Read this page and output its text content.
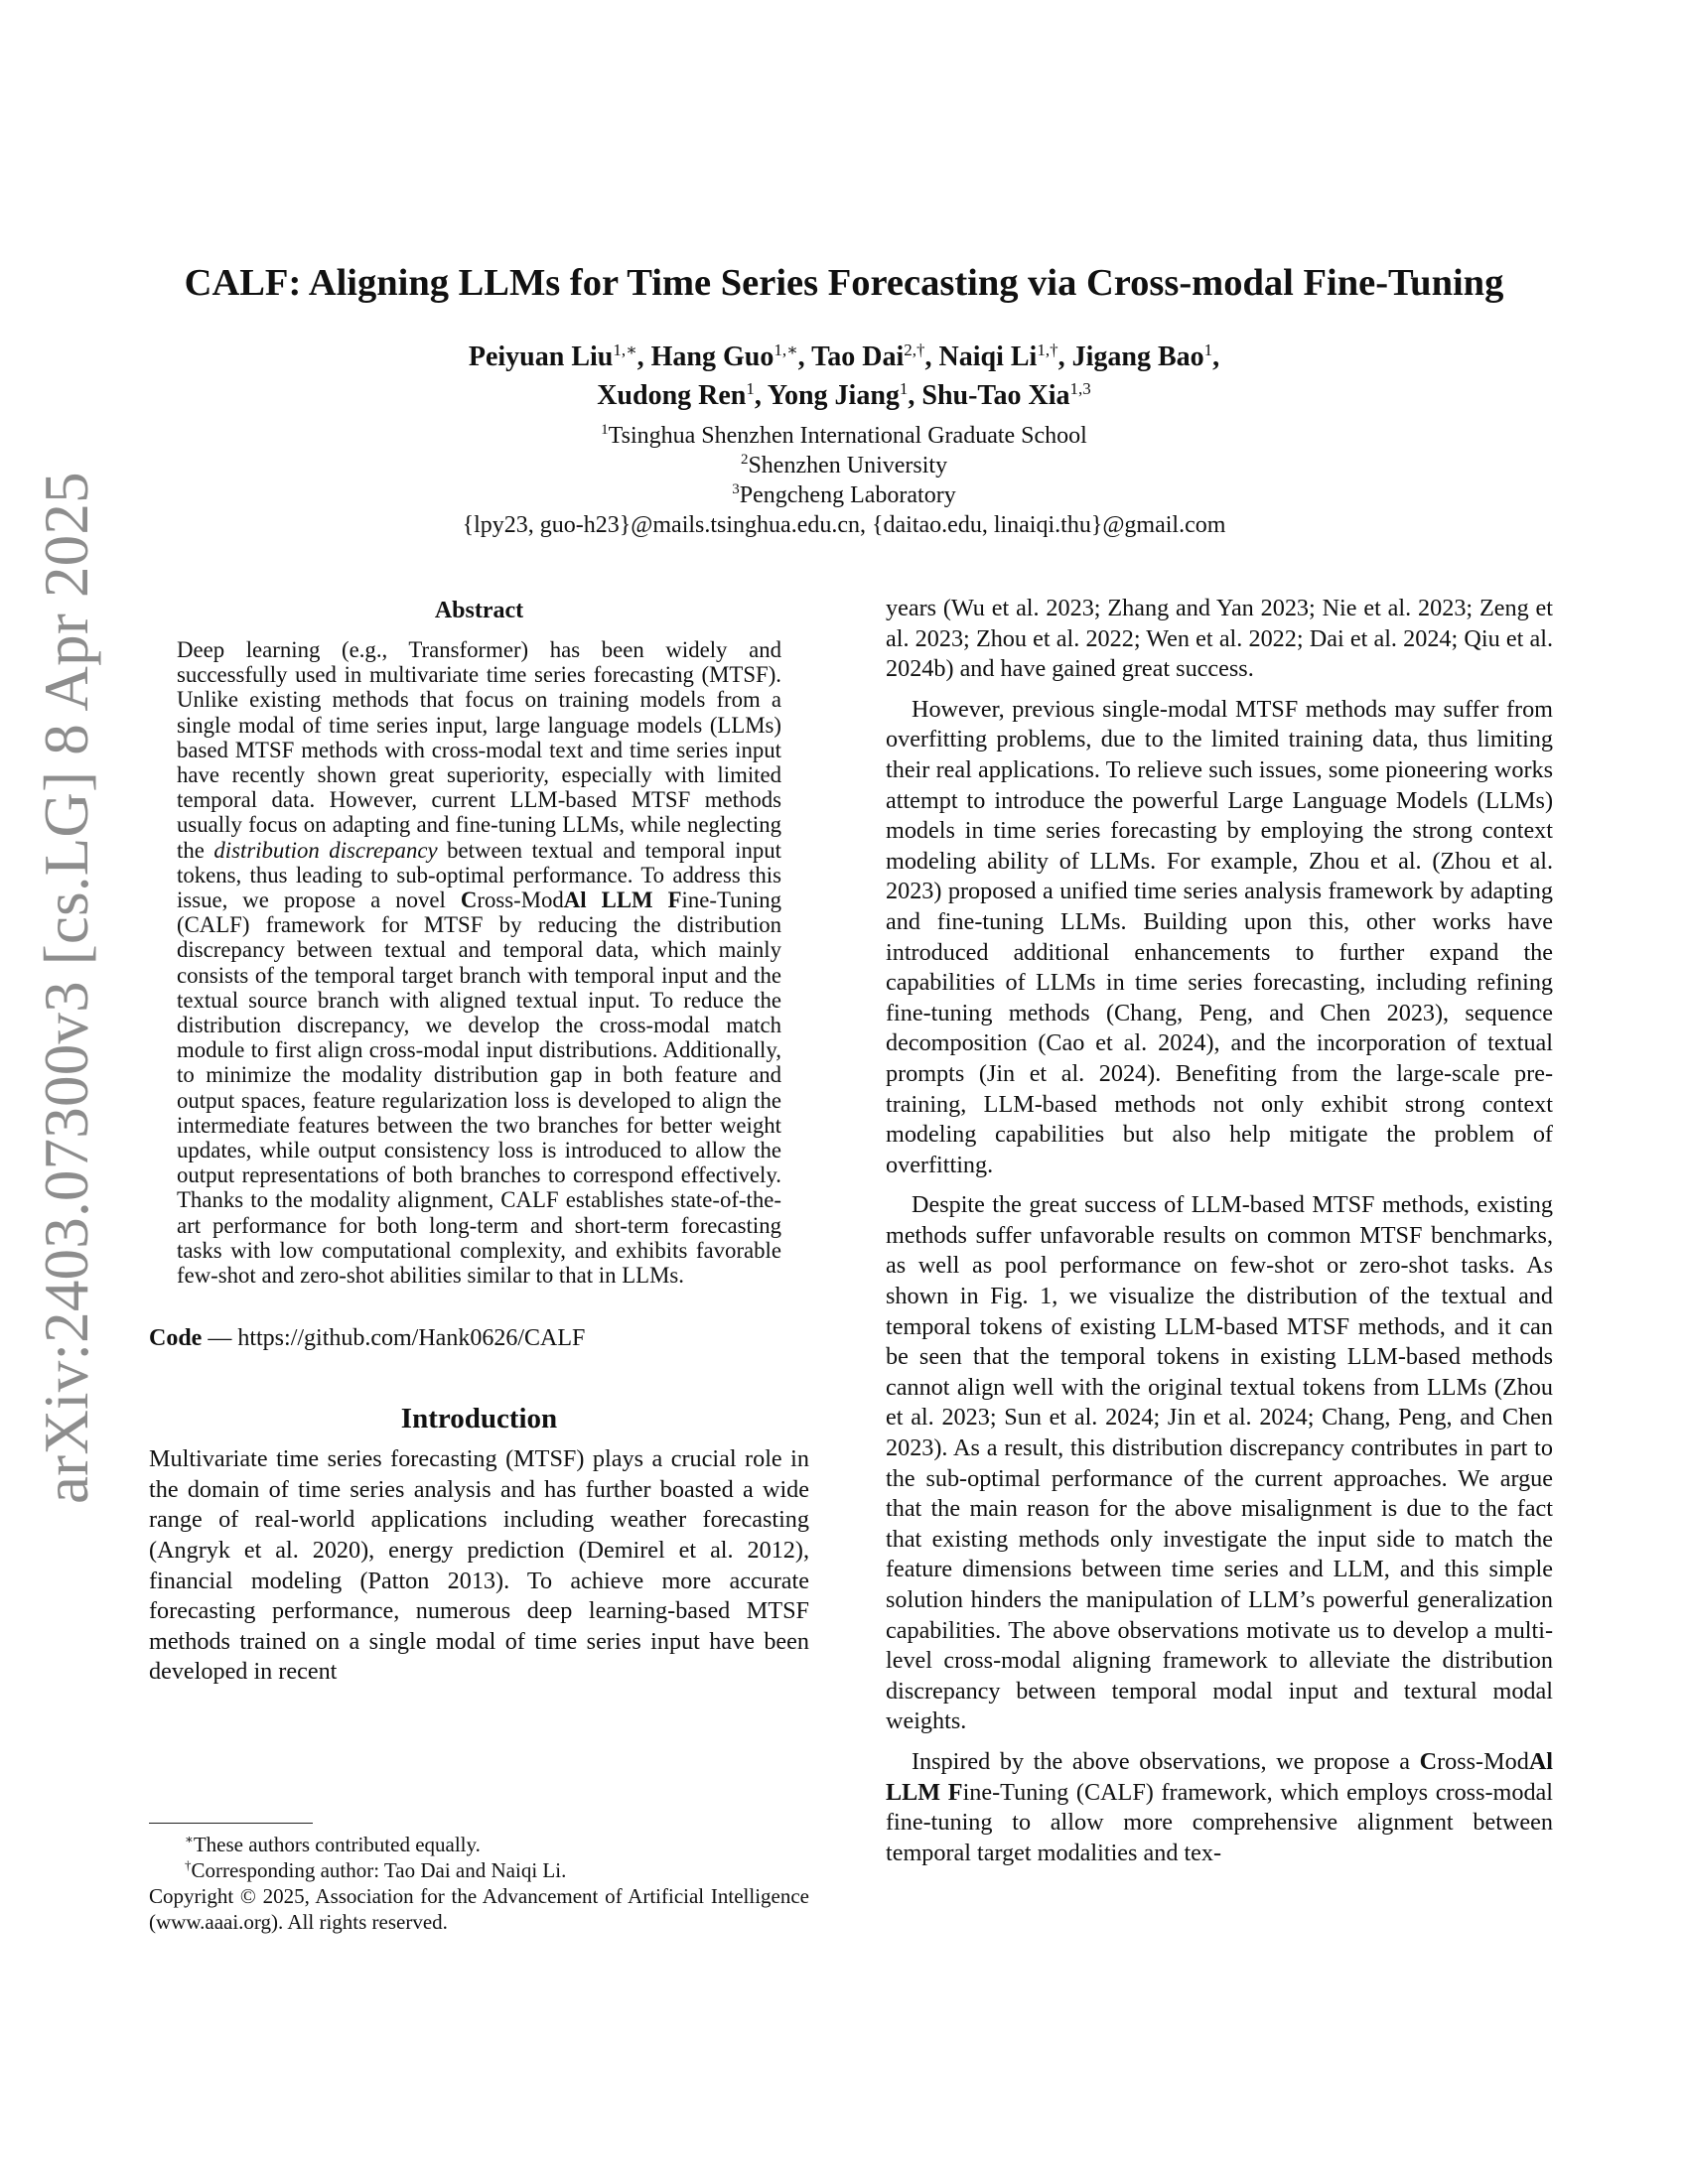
arXiv:2403.07300v3 [cs.LG] 8 Apr 2025
CALF: Aligning LLMs for Time Series Forecasting via Cross-modal Fine-Tuning
Peiyuan Liu$^{1,∗}$, Hang Guo$^{1,∗}$, Tao Dai$^{2,\dagger}$, Naiqi $Li^{1,\dagger}$, Jigang Bao$^1$,
Xudong Ren$^1$, Yong Jiang$^1$, Shu-Tao Xia$^{1,3}$
$^1$Tsinghua Shenzhen International Graduate School
$^2$Shenzhen University
$^3$Pengcheng Laboratory
{lpy23, guo-h23}@mails.tsinghua.edu.cn, {daitao.edu, linaiqi.thu}@gmail.com
Abstract

Deep learning (e.g., Transformer) has been widely and successfully used in multivariate time series forecasting (MTSF). Unlike existing methods that focus on training models from a single modal of time series input, large language models (LLMs) based MTSF methods with cross-modal text and time series input have recently shown great superiority, especially with limited temporal data. However, current LLM-based MTSF methods usually focus on adapting and fine-tuning LLMs, while neglecting the distribution discrepancy between textual and temporal input tokens, thus leading to sub-optimal performance. To address this issue, we propose a novel Cross-ModAl LLM Fine-Tuning (CALF) framework for MTSF by reducing the distribution discrepancy between textual and temporal data, which mainly consists of the temporal target branch with temporal input and the textual source branch with aligned textual input. To reduce the distribution discrepancy, we develop the cross-modal match module to first align cross-modal input distributions. Additionally, to minimize the modality distribution gap in both feature and output spaces, feature regularization loss is developed to align the intermediate features between the two branches for better weight updates, while output consistency loss is introduced to allow the output representations of both branches to correspond effectively. Thanks to the modality alignment, CALF establishes state-of-the-art performance for both long-term and short-term forecasting tasks with low computational complexity, and exhibits favorable few-shot and zero-shot abilities similar to that in LLMs.

Code — https://github.com/Hank0626/CALF

Introduction

Multivariate time series forecasting (MTSF) plays a crucial role in the domain of time series analysis and has further boasted a wide range of real-world applications including weather forecasting (Angryk et al. 2020), energy prediction (Demirel et al. 2012), financial modeling (Patton 2013). To achieve more accurate forecasting performance, numerous deep learning-based MTSF methods trained on a single modal of time series input have been developed in recent

∗These authors contributed equally.

†Corresponding author: Tao Dai and Naiqi Li.

Copyright © 2025, Association for the Advancement of Artificial Intelligence (www.aaai.org). All rights reserved.

years (Wu et al. 2023; Zhang and Yan 2023; Nie et al. 2023; Zeng et al. 2023; Zhou et al. 2022; Wen et al. 2022; Dai et al. 2024; Qiu et al. 2024b) and have gained great success.

However, previous single-modal MTSF methods may suffer from overfitting problems, due to the limited training data, thus limiting their real applications. To relieve such issues, some pioneering works attempt to introduce the powerful Large Language Models (LLMs) models in time series forecasting by employing the strong context modeling ability of LLMs. For example, Zhou et al. (Zhou et al. 2023) proposed a unified time series analysis framework by adapting and fine-tuning LLMs. Building upon this, other works have introduced additional enhancements to further expand the capabilities of LLMs in time series forecasting, including refining fine-tuning methods (Chang, Peng, and Chen 2023), sequence decomposition (Cao et al. 2024), and the incorporation of textual prompts (Jin et al. 2024). Benefiting from the large-scale pre-training, LLM-based methods not only exhibit strong context modeling capabilities but also help mitigate the problem of overfitting.

Despite the great success of LLM-based MTSF methods, existing methods suffer unfavorable results on common MTSF benchmarks, as well as pool performance on few-shot or zero-shot tasks. As shown in Fig. 1, we visualize the distribution of the textual and temporal tokens of existing LLM-based MTSF methods, and it can be seen that the temporal tokens in existing LLM-based methods cannot align well with the original textual tokens from LLMs (Zhou et al. 2023; Sun et al. 2024; Jin et al. 2024; Chang, Peng, and Chen 2023). As a result, this distribution discrepancy contributes in part to the sub-optimal performance of the current approaches. We argue that the main reason for the above misalignment is due to the fact that existing methods only investigate the input side to match the feature dimensions between time series and LLM, and this simple solution hinders the manipulation of LLM’s powerful generalization capabilities. The above observations motivate us to develop a multi-level cross-modal aligning framework to alleviate the distribution discrepancy between temporal modal input and textural modal weights.

Inspired by the above observations, we propose a Cross-ModAl LLM Fine-Tuning (CALF) framework, which employs cross-modal fine-tuning to allow more comprehensive alignment between temporal target modalities and tex-
